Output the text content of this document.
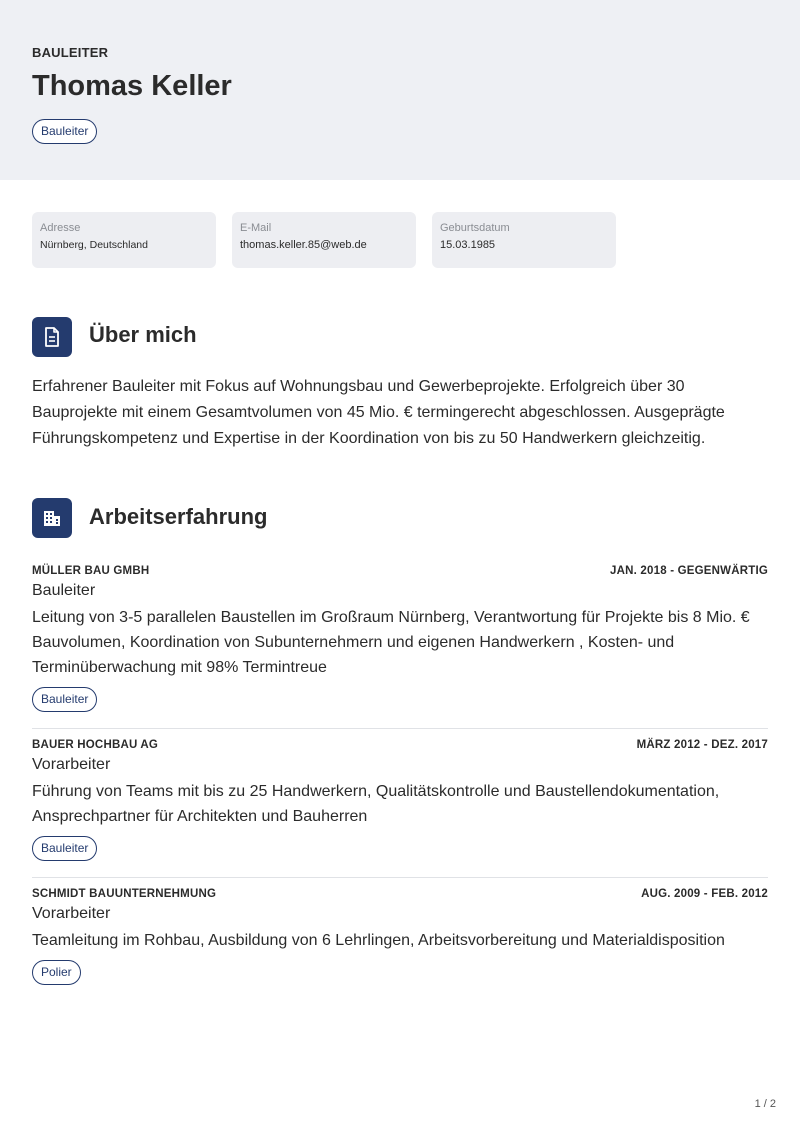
BAULEITER
Thomas Keller
Bauleiter
Adresse
Nürnberg, Deutschland
E-Mail
thomas.keller.85@web.de
Geburtsdatum
15.03.1985
Über mich
Erfahrener Bauleiter mit Fokus auf Wohnungsbau und Gewerbeprojekte. Erfolgreich über 30 Bauprojekte mit einem Gesamtvolumen von 45 Mio. € termingerecht abgeschlossen. Ausgeprägte Führungskompetenz und Expertise in der Koordination von bis zu 50 Handwerkern gleichzeitig.
Arbeitserfahrung
MÜLLER BAU GMBH	JAN. 2018 - GEGENWÄRTIG
Bauleiter
Leitung von 3-5 parallelen Baustellen im Großraum Nürnberg, Verantwortung für Projekte bis 8 Mio. € Bauvolumen, Koordination von Subunternehmern und eigenen Handwerkern , Kosten- und Terminüberwachung mit 98% Termintreue
Bauleiter
BAUER HOCHBAU AG	MÄRZ 2012 - DEZ. 2017
Vorarbeiter
Führung von Teams mit bis zu 25 Handwerkern, Qualitätskontrolle und Baustellendokumentation, Ansprechpartner für Architekten und Bauherren
Bauleiter
SCHMIDT BAUUNTERNEHMUNG	AUG. 2009 - FEB. 2012
Vorarbeiter
Teamleitung im Rohbau, Ausbildung von 6 Lehrlingen, Arbeitsvorbereitung und Materialdisposition
Polier
1 / 2
